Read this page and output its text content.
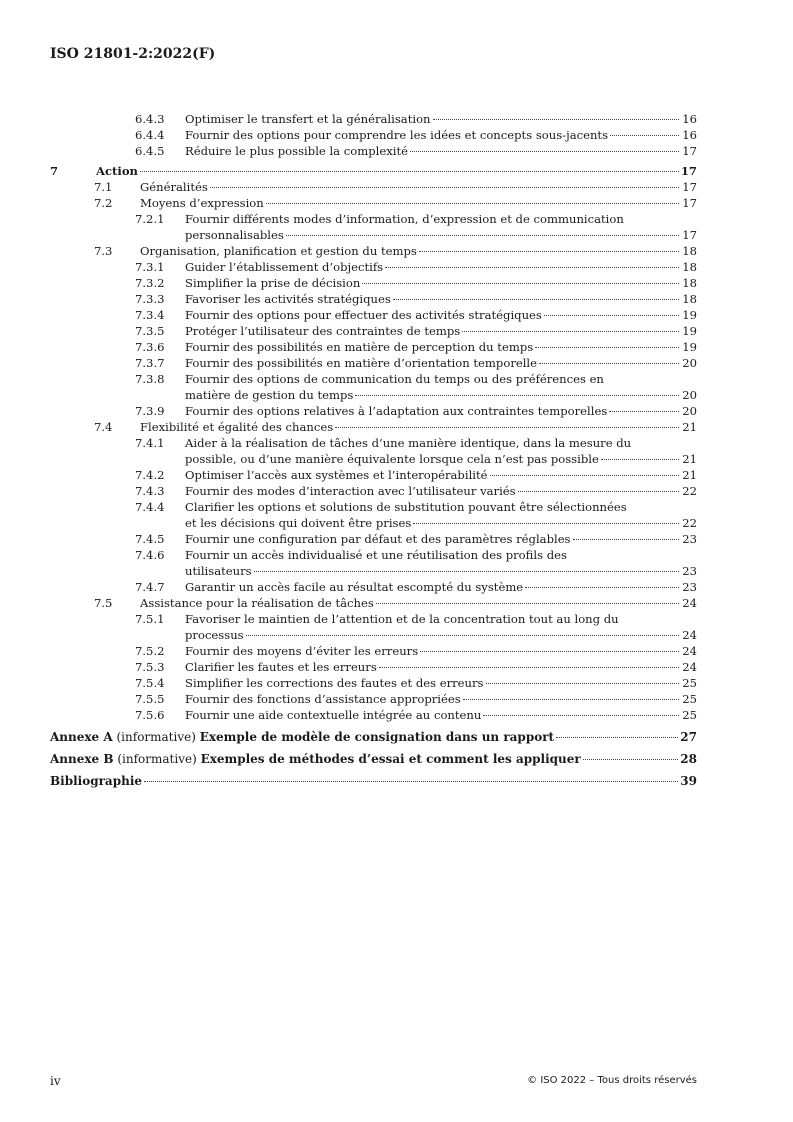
ISO 21801-2:2022(F)
6.4.3 Optimiser le transfert et la généralisation	16
6.4.4 Fournir des options pour comprendre les idées et concepts sous-jacents	16
6.4.5 Réduire le plus possible la complexité	17
7	Action	17
7.1 Généralités	17
7.2 Moyens d’expression	17
7.2.1 Fournir différents modes d’information, d’expression et de communication
personnalisables	17
7.3 Organisation, planification et gestion du temps	18
7.3.1 Guider l’établissement d’objectifs	18
7.3.2 Simplifier la prise de décision	18
7.3.3 Favoriser les activités stratégiques	18
7.3.4 Fournir des options pour effectuer des activités stratégiques	19
7.3.5 Protéger l’utilisateur des contraintes de temps	19
7.3.6 Fournir des possibilités en matière de perception du temps	19
7.3.7 Fournir des possibilités en matière d’orientation temporelle	20
7.3.8 Fournir des options de communication du temps ou des préférences en
matière de gestion du temps	20
7.3.9 Fournir des options relatives à l’adaptation aux contraintes temporelles	20
7.4 Flexibilité et égalité des chances	21
7.4.1 Aider à la réalisation de tâches d’une manière identique, dans la mesure du
possible, ou d’une manière équivalente lorsque cela n’est pas possible	21
7.4.2 Optimiser l’accès aux systèmes et l’interopérabilité	21
7.4.3 Fournir des modes d’interaction avec l’utilisateur variés	22
7.4.4 Clarifier les options et solutions de substitution pouvant être sélectionnées
et les décisions qui doivent être prises	22
7.4.5 Fournir une configuration par défaut et des paramètres réglables	23
7.4.6 Fournir un accès individualisé et une réutilisation des profils des
utilisateurs	23
7.4.7 Garantir un accès facile au résultat escompté du système	23
7.5 Assistance pour la réalisation de tâches	24
7.5.1 Favoriser le maintien de l’attention et de la concentration tout au long du
processus	24
7.5.2 Fournir des moyens d’éviter les erreurs	24
7.5.3 Clarifier les fautes et les erreurs	24
7.5.4 Simplifier les corrections des fautes et des erreurs	25
7.5.5 Fournir des fonctions d’assistance appropriées	25
7.5.6 Fournir une aide contextuelle intégrée au contenu	25
Annexe A (informative) Exemple de modèle de consignation dans un rapport	27
Annexe B (informative) Exemples de méthodes d’essai et comment les appliquer	28
Bibliographie	39
iv	© ISO 2022 – Tous droits réservés
